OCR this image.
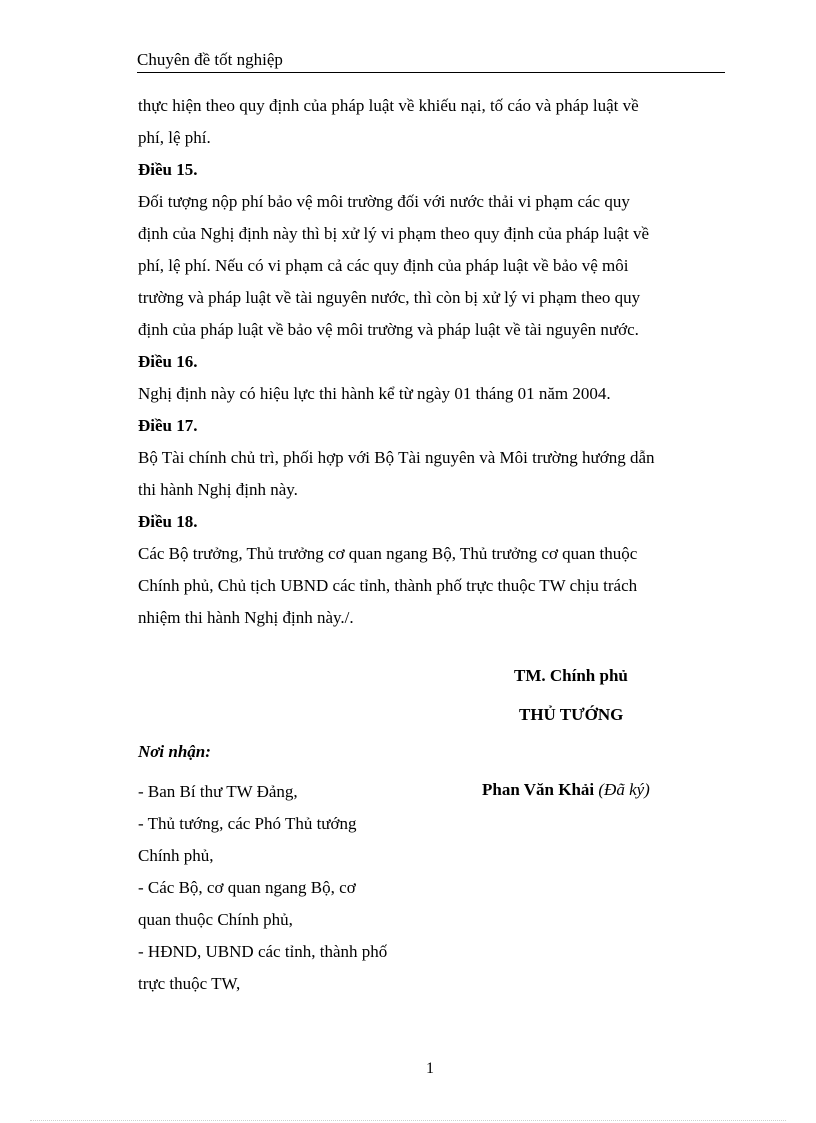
Chuyên đề tốt nghiệp

thực hiện theo quy định của pháp luật về khiếu nại, tố cáo và pháp luật về

phí, lệ phí.

Điều 15.

Đối tượng nộp phí bảo vệ môi trường đối với nước thải vi phạm các quy

định của Nghị định này thì bị xử lý vi phạm theo quy định của pháp luật về

phí, lệ phí. Nếu có vi phạm cả các quy định của pháp luật về bảo vệ môi

trường và pháp luật về tài nguyên nước, thì còn bị xử lý vi phạm theo quy

định của pháp luật về bảo vệ môi trường và pháp luật về tài nguyên nước.

Điều 16.

Nghị định này có hiệu lực thi hành kể từ ngày 01 tháng 01 năm 2004.

Điều 17.

Bộ Tài chính chủ trì, phối hợp với Bộ Tài nguyên và Môi trường hướng dẫn

thi hành Nghị định này.

Điều 18.

Các Bộ trưởng, Thủ trưởng cơ quan ngang Bộ, Thủ trưởng cơ quan thuộc

Chính phủ, Chủ tịch UBND các tỉnh, thành phố trực thuộc TW chịu trách

nhiệm thi hành Nghị định này./.

TM. Chính phủ
THỦ TƯỚNG
Nơi nhận:
- Ban Bí thư TW Đảng,
- Thủ tướng, các Phó Thủ tướng
Chính phủ,
- Các Bộ, cơ quan ngang Bộ, cơ
quan thuộc Chính phủ,
- HĐND, UBND các tỉnh, thành phố
trực thuộc TW,
Phan Văn Khải (Đã ký)
1
